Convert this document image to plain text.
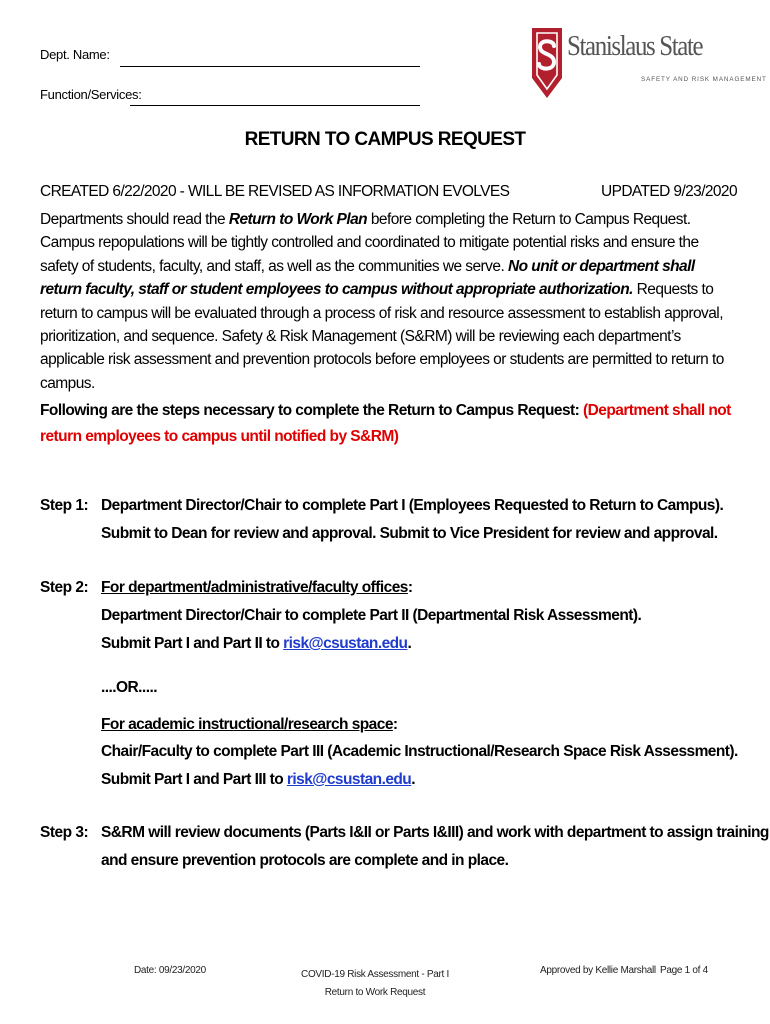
Dept. Name:
Function/Services:
Stanislaus State
SAFETY AND RISK MANAGEMENT
RETURN TO CAMPUS REQUEST
CREATED 6/22/2020 - WILL BE REVISED AS INFORMATION EVOLVES	UPDATED 9/23/2020
Departments should read the Return to Work Plan before completing the Return to Campus Request. Campus repopulations will be tightly controlled and coordinated to mitigate potential risks and ensure the safety of students, faculty, and staff, as well as the communities we serve. No unit or department shall return faculty, staff or student employees to campus without appropriate authorization. Requests to return to campus will be evaluated through a process of risk and resource assessment to establish approval, prioritization, and sequence. Safety & Risk Management (S&RM) will be reviewing each department’s applicable risk assessment and prevention protocols before employees or students are permitted to return to campus.
Following are the steps necessary to complete the Return to Campus Request: (Department shall not return employees to campus until notified by S&RM)
Step 1: Department Director/Chair to complete Part I (Employees Requested to Return to Campus).
Submit to Dean for review and approval. Submit to Vice President for review and approval.
Step 2: For department/administrative/faculty offices:
Department Director/Chair to complete Part II (Departmental Risk Assessment).
Submit Part I and Part II to risk@csustan.edu.
....OR.....
For academic instructional/research space:
Chair/Faculty to complete Part III (Academic Instructional/Research Space Risk Assessment).
Submit Part I and Part III to risk@csustan.edu.
Step 3: S&RM will review documents (Parts I&II or Parts I&III) and work with department to assign training
and ensure prevention protocols are complete and in place.
Date: 09/23/2020	COVID-19 Risk Assessment - Part I
Return to Work Request
Approved by Kellie Marshall Page 1 of 4
